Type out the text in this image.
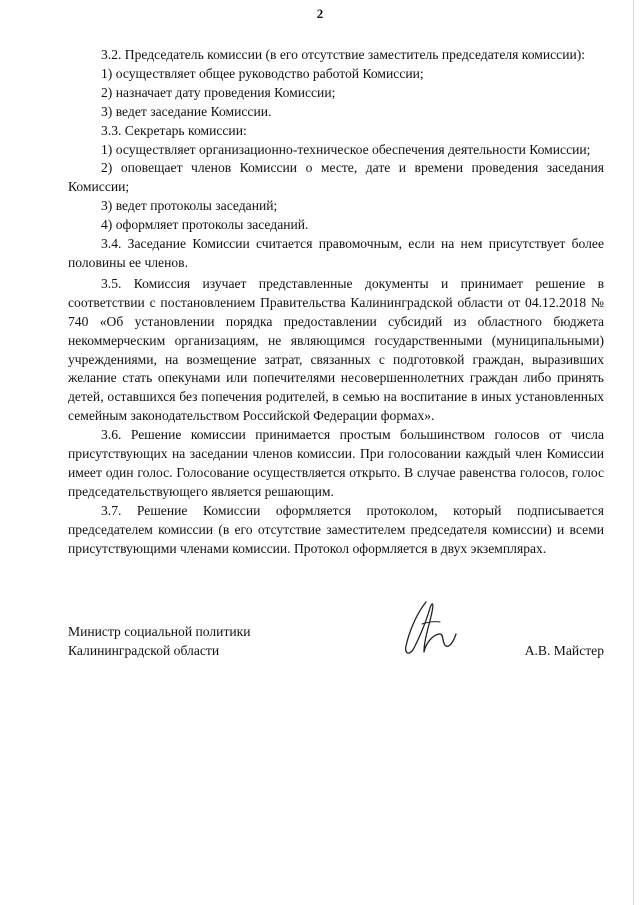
2

3.2. Председатель комиссии (в его отсутствие заместитель председателя комиссии):

1) осуществляет общее руководство работой Комиссии;

2) назначает дату проведения Комиссии;

3) ведет заседание Комиссии.

3.3. Секретарь комиссии:

1) осуществляет организационно-техническое обеспечения деятельности Комиссии;

2) оповещает членов Комиссии о месте, дате и времени проведения заседания Комиссии;

3) ведет протоколы заседаний;

4) оформляет протоколы заседаний.

3.4. Заседание Комиссии считается правомочным, если на нем присутствует более половины ее членов.

3.5. Комиссия изучает представленные документы и принимает решение в соответствии с постановлением Правительства Калининградской области от 04.12.2018 № 740 «Об установлении порядка предоставлении субсидий из областного бюджета некоммерческим организациям, не являющимся государственными (муниципальными) учреждениями, на возмещение затрат, связанных с подготовкой граждан, выразивших желание стать опекунами или попечителями несовершеннолетних граждан либо принять детей, оставшихся без попечения родителей, в семью на воспитание в иных установленных семейным законодательством Российской Федерации формах».

3.6. Решение комиссии принимается простым большинством голосов от числа присутствующих на заседании членов комиссии. При голосовании каждый член Комиссии имеет один голос. Голосование осуществляется открыто. В случае равенства голосов, голос председательствующего является решающим.

3.7. Решение Комиссии оформляется протоколом, который подписывается председателем комиссии (в его отсутствие заместителем председателя комиссии) и всеми присутствующими членами комиссии. Протокол оформляется в двух экземплярах.

Министр социальной политики
Калининградской области	А.В. Майстер
